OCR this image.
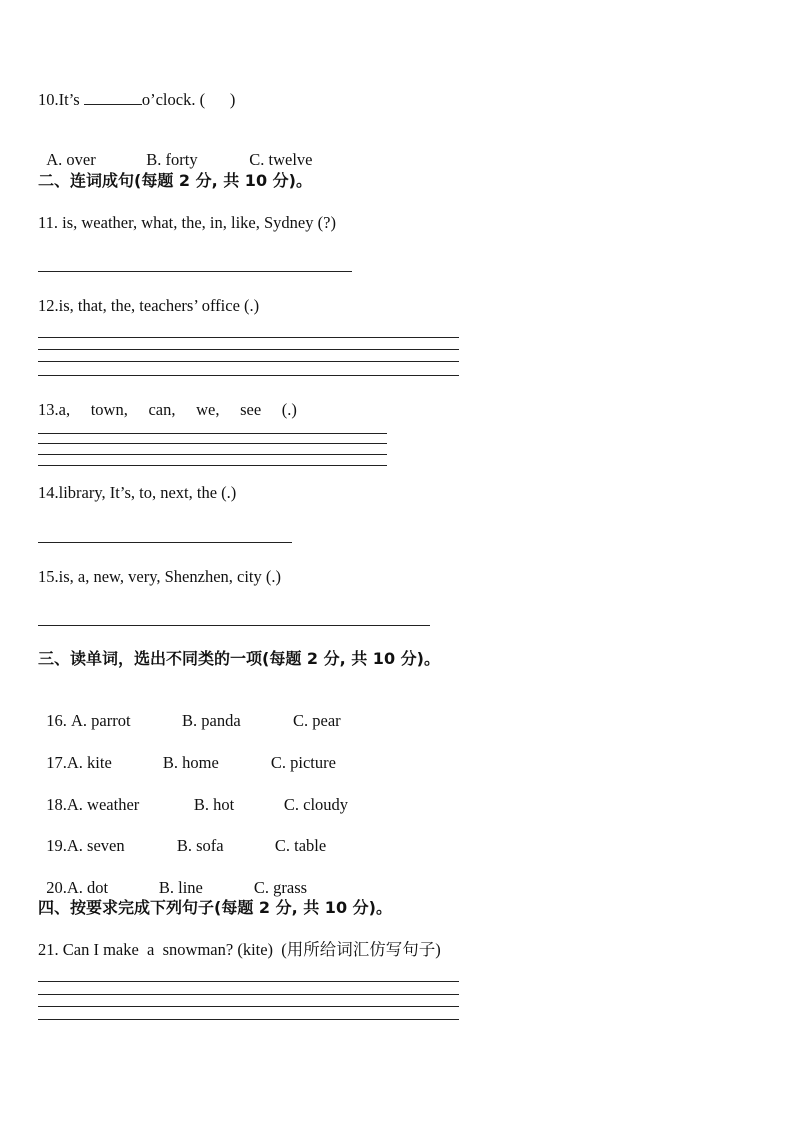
10.It’s	o’clock. (      )

A. over	B. forty	C. twelve

二、连词成句(每题 2 分, 共 10 分)。
11. is, weather, what, the, in, like, Sydney (?)
12.is, that, the, teachers’ office (.)
13.a,     town,     can,     we,     see     (.)
14.library, It’s, to, next, the (.)
15.is, a, new, very, Shenzhen, city (.)
三、读单词，选出不同类的一项(每题 2 分, 共 10 分)。

16. A. parrot	B. panda	C. pear

17.A. kite	B. home	C. picture

18.A. weather	B. hot	C. cloudy

19.A. seven	B. sofa	C. table

20.A. dot	B. line	C. grass

四、按要求完成下列句子(每题 2 分, 共 10 分)。
21. Can I make  a  snowman? (kite)  (用所给词汇仿写句子)
